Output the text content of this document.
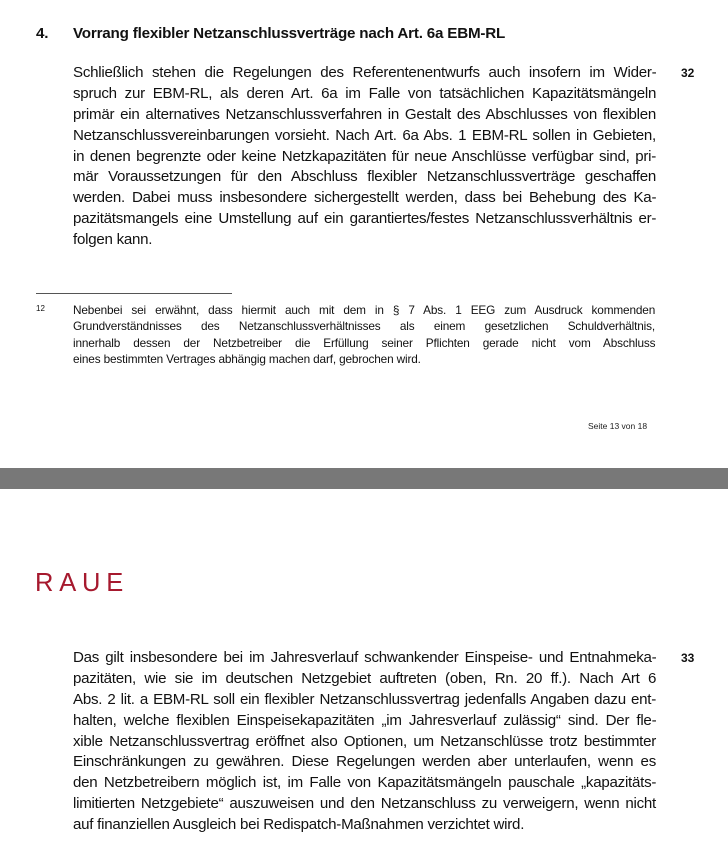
4. Vorrang flexibler Netzanschlussverträge nach Art. 6a EBM-RL
Schließlich stehen die Regelungen des Referentenentwurfs auch insofern im Wider-
spruch zur EBM-RL, als deren Art. 6a im Falle von tatsächlichen Kapazitätsmängeln
primär ein alternatives Netzanschlussverfahren in Gestalt des Abschlusses von flexiblen
Netzanschlussvereinbarungen vorsieht. Nach Art. 6a Abs. 1 EBM-RL sollen in Gebieten,
in denen begrenzte oder keine Netzkapazitäten für neue Anschlüsse verfügbar sind, pri-
mär Voraussetzungen für den Abschluss flexibler Netzanschlussverträge geschaffen
werden. Dabei muss insbesondere sichergestellt werden, dass bei Behebung des Ka-
pazitätsmangels eine Umstellung auf ein garantiertes/festes Netzanschlussverhältnis er-
folgen kann.
32
12 Nebenbei sei erwähnt, dass hiermit auch mit dem in § 7 Abs. 1 EEG zum Ausdruck kommenden
Grundverständnisses des Netzanschlussverhältnisses als einem gesetzlichen Schuldverhältnis,
innerhalb dessen der Netzbetreiber die Erfüllung seiner Pflichten gerade nicht vom Abschluss
eines bestimmten Vertrages abhängig machen darf, gebrochen wird.
Seite 13 von 18
RAUE
Das gilt insbesondere bei im Jahresverlauf schwankender Einspeise- und Entnahmeka-
pazitäten, wie sie im deutschen Netzgebiet auftreten (oben, Rn. 20 ff.). Nach Art 6
Abs. 2 lit. a EBM-RL soll ein flexibler Netzanschlussvertrag jedenfalls Angaben dazu ent-
halten, welche flexiblen Einspeisekapazitäten „im Jahresverlauf zulässig“ sind. Der fle-
xible Netzanschlussvertrag eröffnet also Optionen, um Netzanschlüsse trotz bestimmter
Einschränkungen zu gewähren. Diese Regelungen werden aber unterlaufen, wenn es
den Netzbetreibern möglich ist, im Falle von Kapazitätsmängeln pauschale „kapazitäts-
limitierten Netzgebiete“ auszuweisen und den Netzanschluss zu verweigern, wenn nicht
auf finanziellen Ausgleich bei Redispatch-Maßnahmen verzichtet wird.
33
